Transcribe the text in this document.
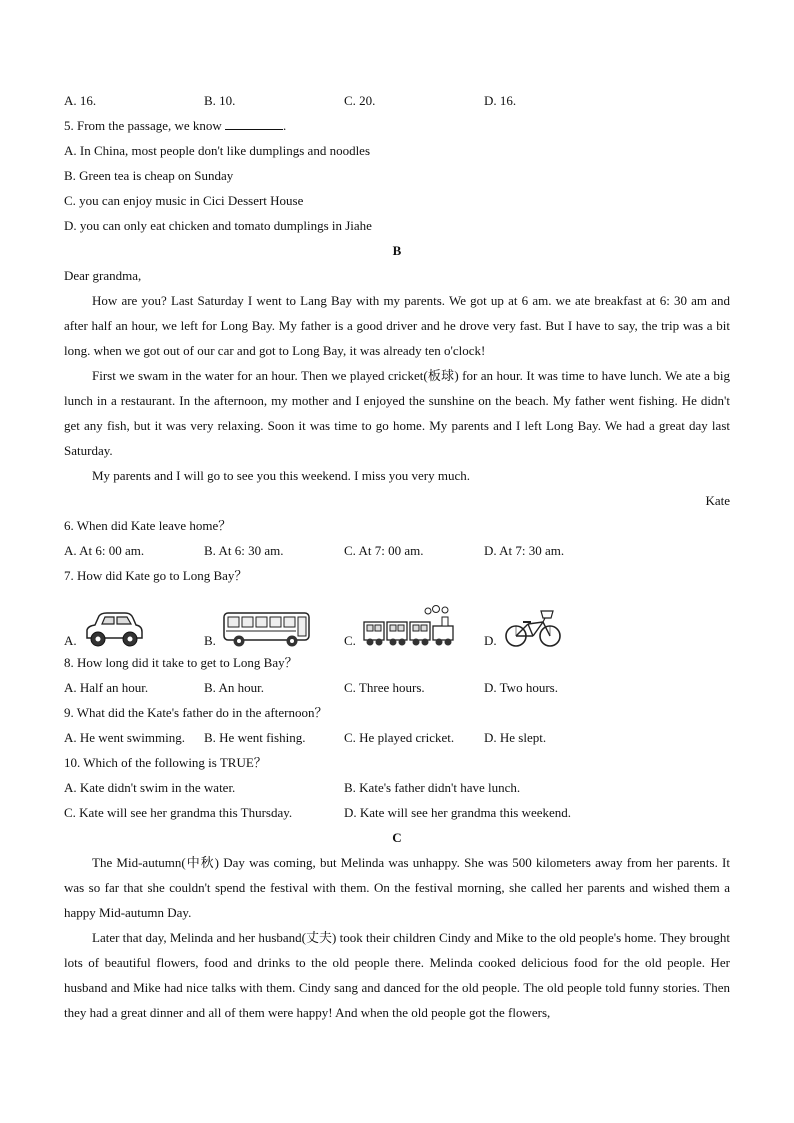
A. 16.	B. 10.	C. 20.	D. 16.
5. From the passage, we know	.
A. In China, most people don't like dumplings and noodles
B. Green tea is cheap on Sunday
C. you can enjoy music in Cici Dessert House
D. you can only eat chicken and tomato dumplings in Jiahe
B
Dear grandma,
How are you? Last Saturday I went to Lang Bay with my parents. We got up at 6 am. we ate breakfast at 6: 30 am and after half an hour, we left for Long Bay. My father is a good driver and he drove very fast. But I have to say, the trip was a bit long. when we got out of our car and got to Long Bay, it was already ten o'clock!
First we swam in the water for an hour. Then we played cricket(板球) for an hour. It was time to have lunch. We ate a big lunch in a restaurant. In the afternoon, my mother and I enjoyed the sunshine on the beach. My father went fishing. He didn't get any fish, but it was very relaxing. Soon it was time to go home. My parents and I left Long Bay. We had a great day last Saturday.
My parents and I will go to see you this weekend. I miss you very much.
Kate
6. When did Kate leave home？
A. At 6: 00 am.	B. At 6: 30 am.	C. At 7: 00 am.	D. At 7: 30 am.
7. How did Kate go to Long Bay？
A.	B.	C.	D.
8. How long did it take to get to Long Bay？
A. Half an hour.	B. An hour.	C. Three hours.	D. Two hours.
9. What did the Kate's father do in the afternoon？
A. He went swimming.	B. He went fishing.	C. He played cricket.	D. He slept.
10. Which of the following is TRUE？
A. Kate didn't swim in the water.	B. Kate's father didn't have lunch.
C. Kate will see her grandma this Thursday.	D. Kate will see her grandma this weekend.
C
The Mid-autumn(中秋) Day was coming, but Melinda was unhappy. She was 500 kilometers away from her parents. It was so far that she couldn't spend the festival with them. On the festival morning, she called her parents and wished them a happy Mid-autumn Day.
Later that day, Melinda and her husband(丈夫) took their children Cindy and Mike to the old people's home. They brought lots of beautiful flowers, food and drinks to the old people there. Melinda cooked delicious food for the old people. Her husband and Mike had nice talks with them. Cindy sang and danced for the old people. The old people told funny stories. Then they had a great dinner and all of them were happy! And when the old people got the flowers,
